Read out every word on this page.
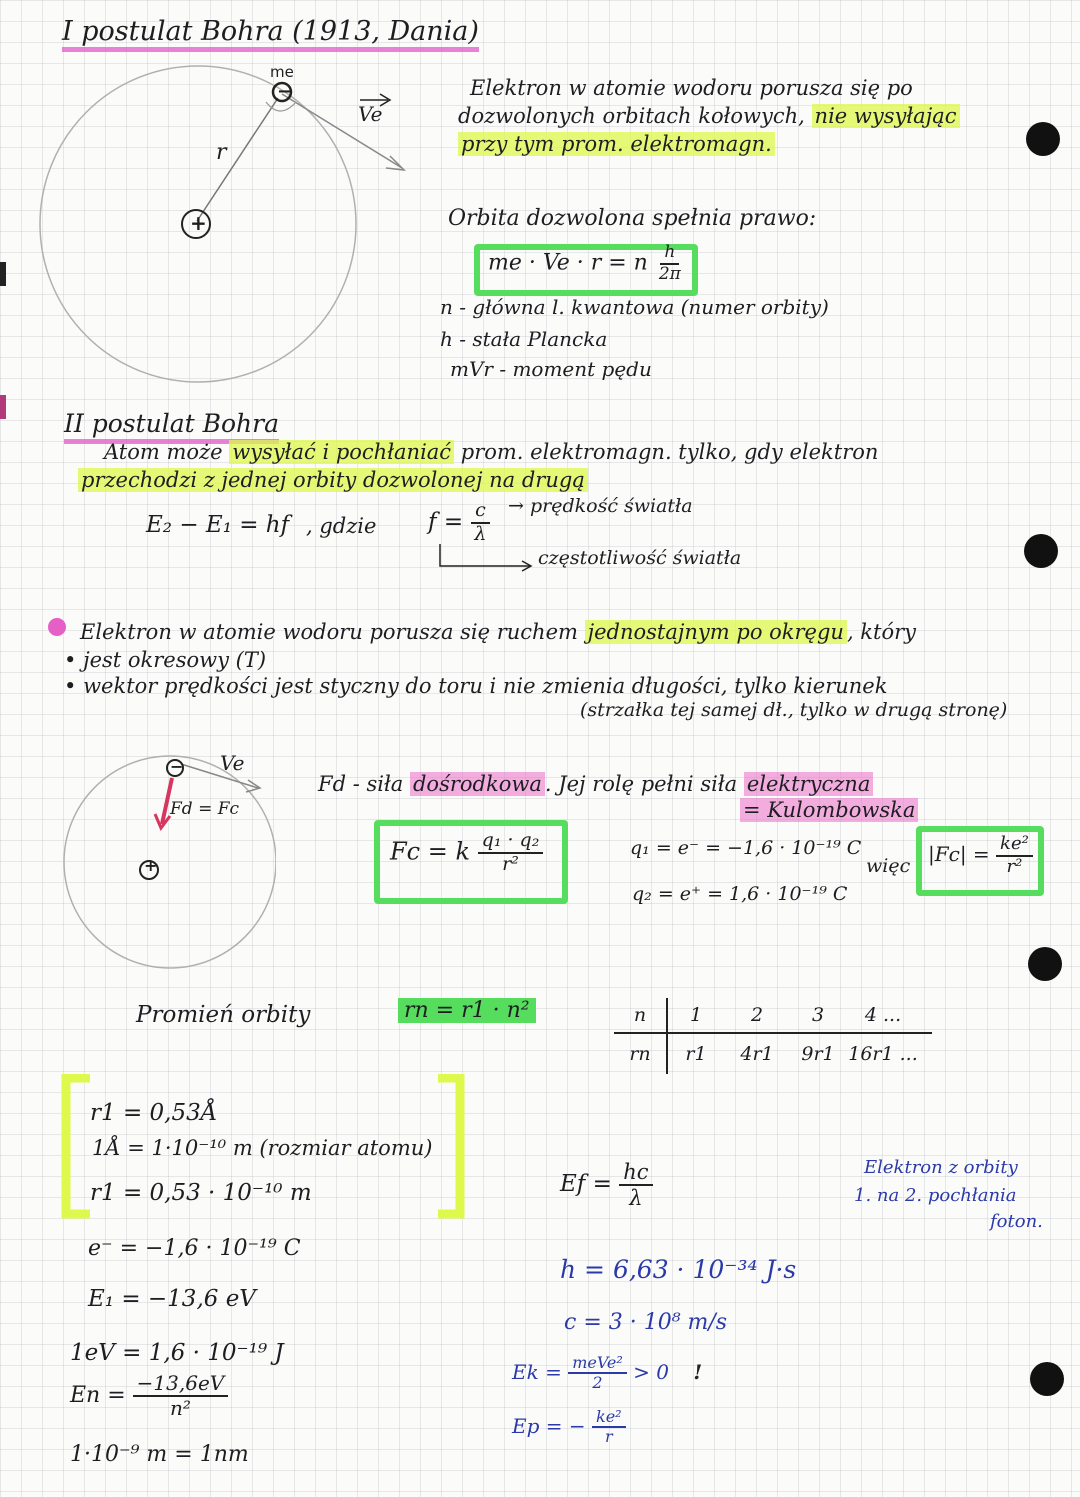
I postulat Bohra (1913, Dania)
me
−
+
Ve
r
Elektron w atomie wodoru porusza się po
dozwolonych orbitach kołowych, nie wysyłając
przy tym prom. elektromagn.
Orbita dozwolona spełnia prawo:
me · Ve · r = n $\frac{h}{2\pi}$
n - główna l. kwantowa (numer orbity)
h - stała Plancka
mVr - moment pędu
II postulat Bohra
Atom może wysyłać i pochłaniać prom. elektromagn. tylko, gdy elektron
przechodzi z jednej orbity dozwolonej na drugą
E₂ − E₁ = hf , gdzie $f = \frac{c}{\lambda}$ → prędkość światła
częstotliwość światła
Elektron w atomie wodoru porusza się ruchem jednostajnym po okręgu , który
• jest okresowy (T)
• wektor prędkości jest styczny do toru i nie zmienia długości, tylko kierunek
(strzałka tej samej dł., tylko w drugą stronę)
−
+
Ve
Fd = Fc
Fd - siła dośrodkowa . Jej rolę pełni siła elektryczna
= Kulombowska
Fc = k $\frac{\text{q₁ · q₂}}{\text{r²}}$	q₁ = e⁻ = −1,6 · 10⁻¹⁹ C
q₂ = e⁺ = 1,6 · 10⁻¹⁹ C
więc $|Fc| = \frac{\text{ke²}}{\text{r²}}$
Promień orbity	rn = r1 · n²	n	1	2	3	4 ...
rn	r1	4r1	9r1 16r1 ...
r1 = 0,53Å
1Å = 1·10⁻¹⁰ m (rozmiar atomu)
r1 = 0,53 · 10⁻¹⁰ m
e⁻ = −1,6 · 10⁻¹⁹ C
E₁ = −13,6 eV
1eV = 1,6 · 10⁻¹⁹ J
$En = \frac{-13,6eV}{\text{n²}}$
1·10⁻⁹ m = 1nm
$Ef = \frac{hc}{\lambda}$	Elektron z orbity
1. na 2. pochłania
foton.
h = 6,63 · 10⁻³⁴ J·s
c = 3 · 10⁸ m/s
$Ek = \frac{\text{meVe²}}{2} > 0$ !
Ep = − $\frac{\text{ke²}}{r}$
